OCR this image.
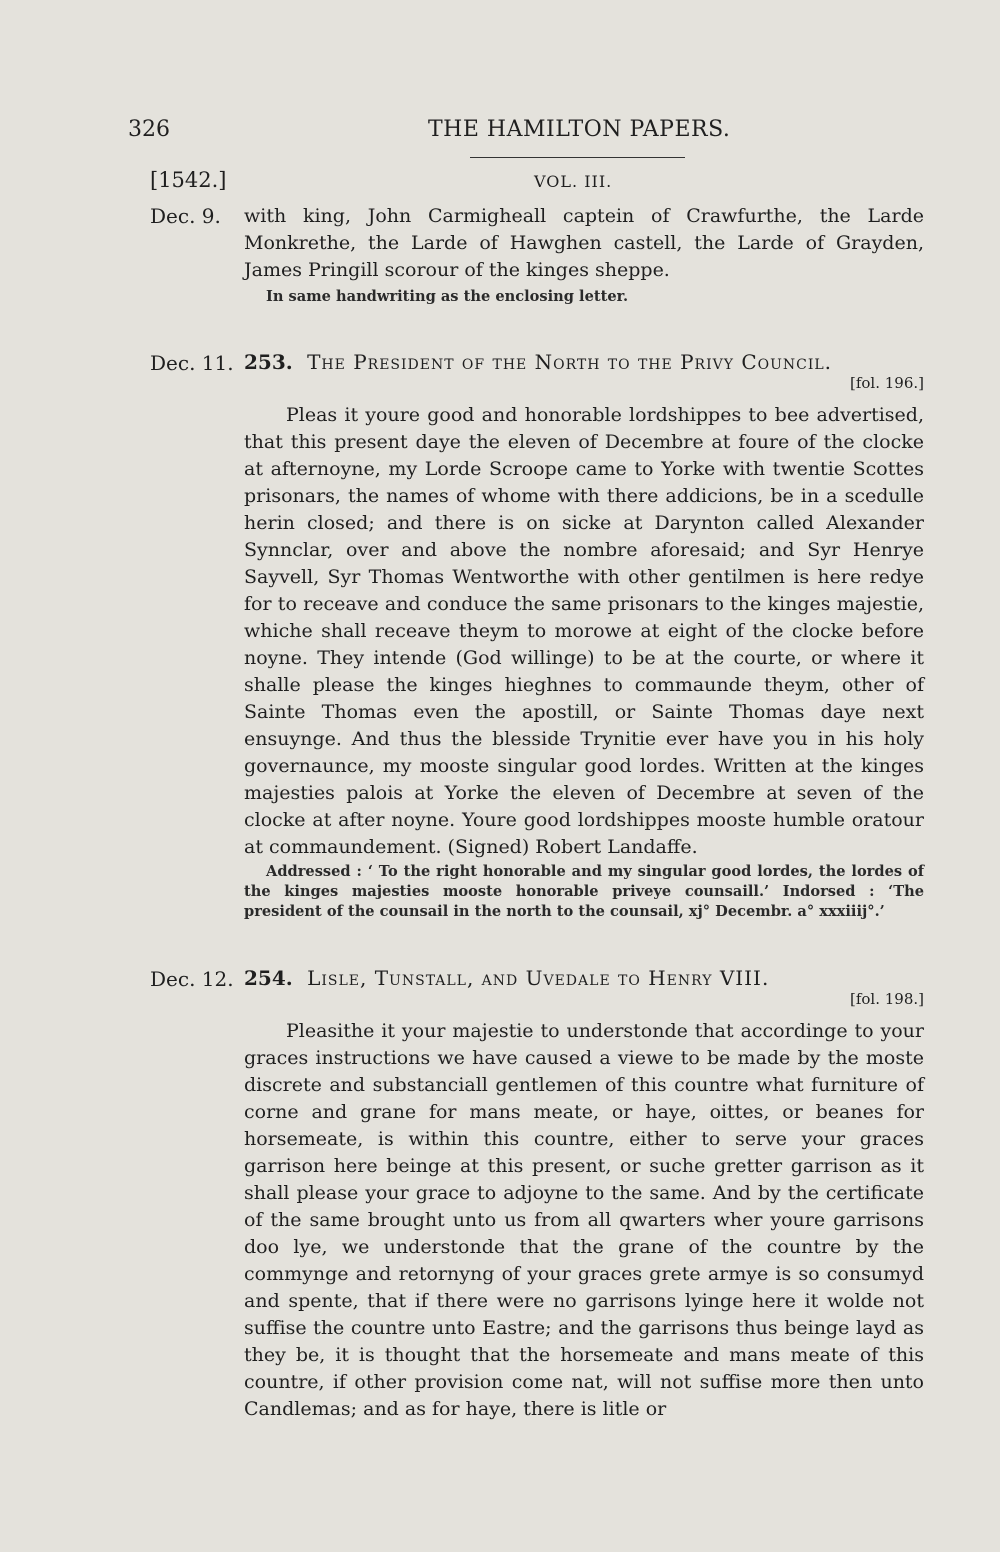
326	THE HAMILTON PAPERS.
[1542.]	VOL. III.
Dec. 9. with king, John Carmigheall captein of Crawfurthe, the Larde Monkrethe, the Larde of Hawghen castell, the Larde of Grayden, James Pringill scorour of the kinges sheppe.
In same handwriting as the enclosing letter.
Dec. 11. 253. The President of the North to the Privy Council.
[fol. 196.]
Pleas it youre good and honorable lordshippes to bee advertised, that this present daye the eleven of Decembre at foure of the clocke at afternoyne, my Lorde Scroope came to Yorke with twentie Scottes prisonars, the names of whome with there addicions, be in a scedulle herin closed; and there is on sicke at Darynton called Alexander Synnclar, over and above the nombre aforesaid; and Syr Henrye Sayvell, Syr Thomas Wentworthe with other gentilmen is here redye for to receave and conduce the same prisonars to the kinges majestie, whiche shall receave theym to morowe at eight of the clocke before noyne. They intende (God willinge) to be at the courte, or where it shalle please the kinges hieghnes to commaunde theym, other of Sainte Thomas even the apostill, or Sainte Thomas daye next ensuynge. And thus the blesside Trynitie ever have you in his holy governaunce, my mooste singular good lordes. Written at the kinges majesties palois at Yorke the eleven of Decembre at seven of the clocke at after noyne. Youre good lordshippes mooste humble oratour at commaundement. (Signed) Robert Landaffe.
Addressed : ‘ To the right honorable and my singular good lordes, the lordes of the kinges majesties mooste honorable priveye counsaill.’ Indorsed : ‘The president of the counsail in the north to the counsail, xj° Decembr. a° xxxiiij°.’
Dec. 12. 254. Lisle, Tunstall, and Uvedale to Henry VIII.
[fol. 198.]
Pleasithe it your majestie to understonde that accordinge to your graces instructions we have caused a viewe to be made by the moste discrete and substanciall gentlemen of this countre what furniture of corne and grane for mans meate, or haye, oittes, or beanes for horsemeate, is within this countre, either to serve your graces garrison here beinge at this present, or suche gretter garrison as it shall please your grace to adjoyne to the same. And by the certificate of the same brought unto us from all qwarters wher youre garrisons doo lye, we understonde that the grane of the countre by the commynge and retornyng of your graces grete armye is so consumyd and spente, that if there were no garrisons lyinge here it wolde not suffise the countre unto Eastre; and the garrisons thus beinge layd as they be, it is thought that the horsemeate and mans meate of this countre, if other provision come nat, will not suffise more then unto Candlemas; and as for haye, there is litle or
